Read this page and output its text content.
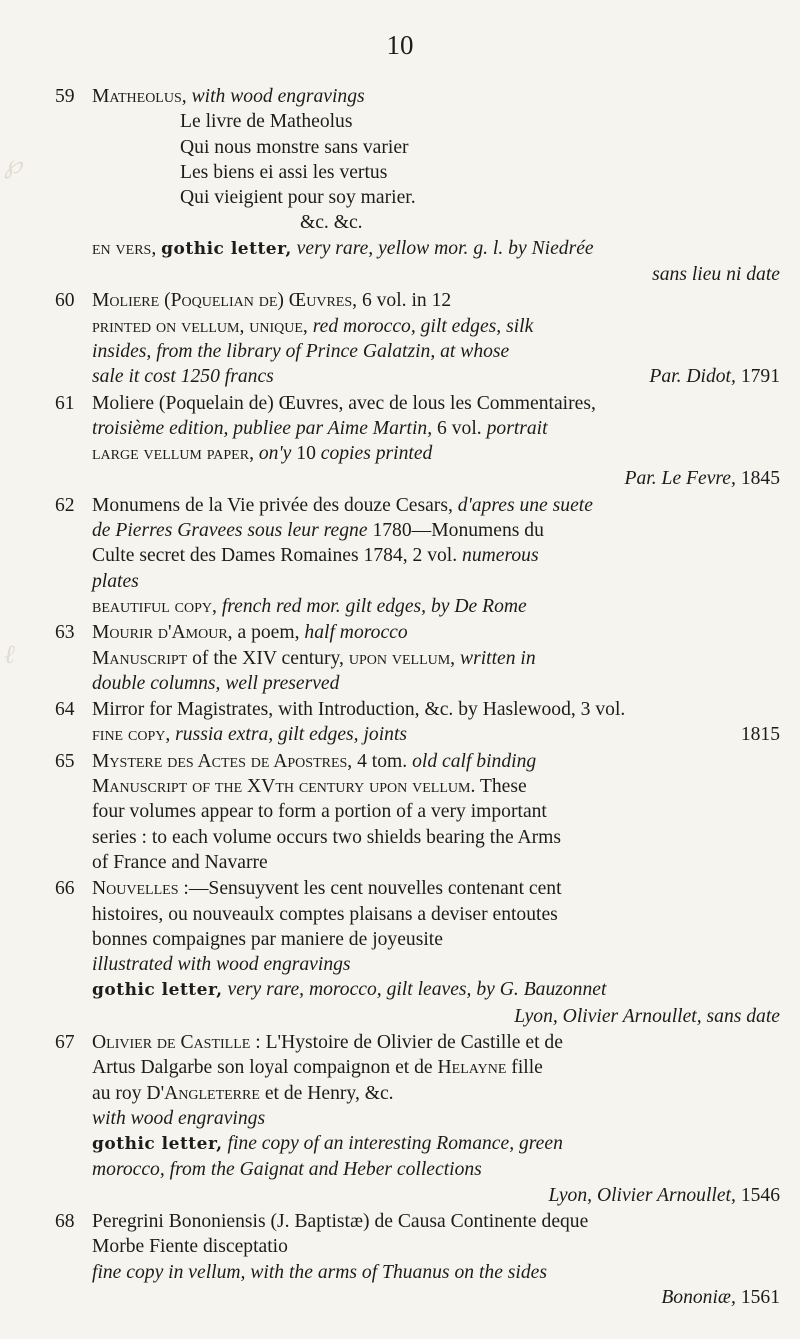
10
℘
ℓ
59 Matheolus, with wood engravings
Le livre de Matheolus
Qui nous monstre sans varier
Les biens ei assi les vertus
Qui vieigient pour soy marier.
&c. &c.
en vers, gothic letter, very rare, yellow mor. g. l. by Niedrée
sans lieu ni date
60 Moliere (Poquelian de) Œuvres, 6 vol. in 12
printed on vellum, unique, red morocco, gilt edges, silk
insides, from the library of Prince Galatzin, at whose
sale it cost 1250 francs	Par. Didot, 1791
61 Moliere (Poquelain de) Œuvres, avec de lous les Commentaires,
troisième edition, publiee par Aime Martin, 6 vol. portrait
large vellum paper, on'y 10 copies printed
Par. Le Fevre, 1845
62 Monumens de la Vie privée des douze Cesars, d'apres une suete
de Pierres Gravees sous leur regne 1780—Monumens du
Culte secret des Dames Romaines 1784, 2 vol. numerous
plates
beautiful copy, french red mor. gilt edges, by De Rome
63 Mourir d'Amour, a poem, half morocco
Manuscript of the XIV century, upon vellum, written in
double columns, well preserved
64 Mirror for Magistrates, with Introduction, &c. by Haslewood, 3 vol.
fine copy, russia extra, gilt edges, joints	1815
65 Mystere des Actes de Apostres, 4 tom. old calf binding
Manuscript of the XVth century upon vellum. These
four volumes appear to form a portion of a very important
series : to each volume occurs two shields bearing the Arms
of France and Navarre
66 Nouvelles :—Sensuyvent les cent nouvelles contenant cent
histoires, ou nouveaulx comptes plaisans a deviser entoutes
bonnes compaignes par maniere de joyeusite
illustrated with wood engravings
gothic letter, very rare, morocco, gilt leaves, by G. Bauzonnet
Lyon, Olivier Arnoullet, sans date
67 Olivier de Castille : L'Hystoire de Olivier de Castille et de
Artus Dalgarbe son loyal compaignon et de Helayne fille
au roy D'Angleterre et de Henry, &c.
with wood engravings
gothic letter, fine copy of an interesting Romance, green
morocco, from the Gaignat and Heber collections
Lyon, Olivier Arnoullet, 1546
68 Peregrini Bononiensis (J. Baptistæ) de Causa Continente deque
Morbe Fiente disceptatio
fine copy in vellum, with the arms of Thuanus on the sides
Bononiæ, 1561
